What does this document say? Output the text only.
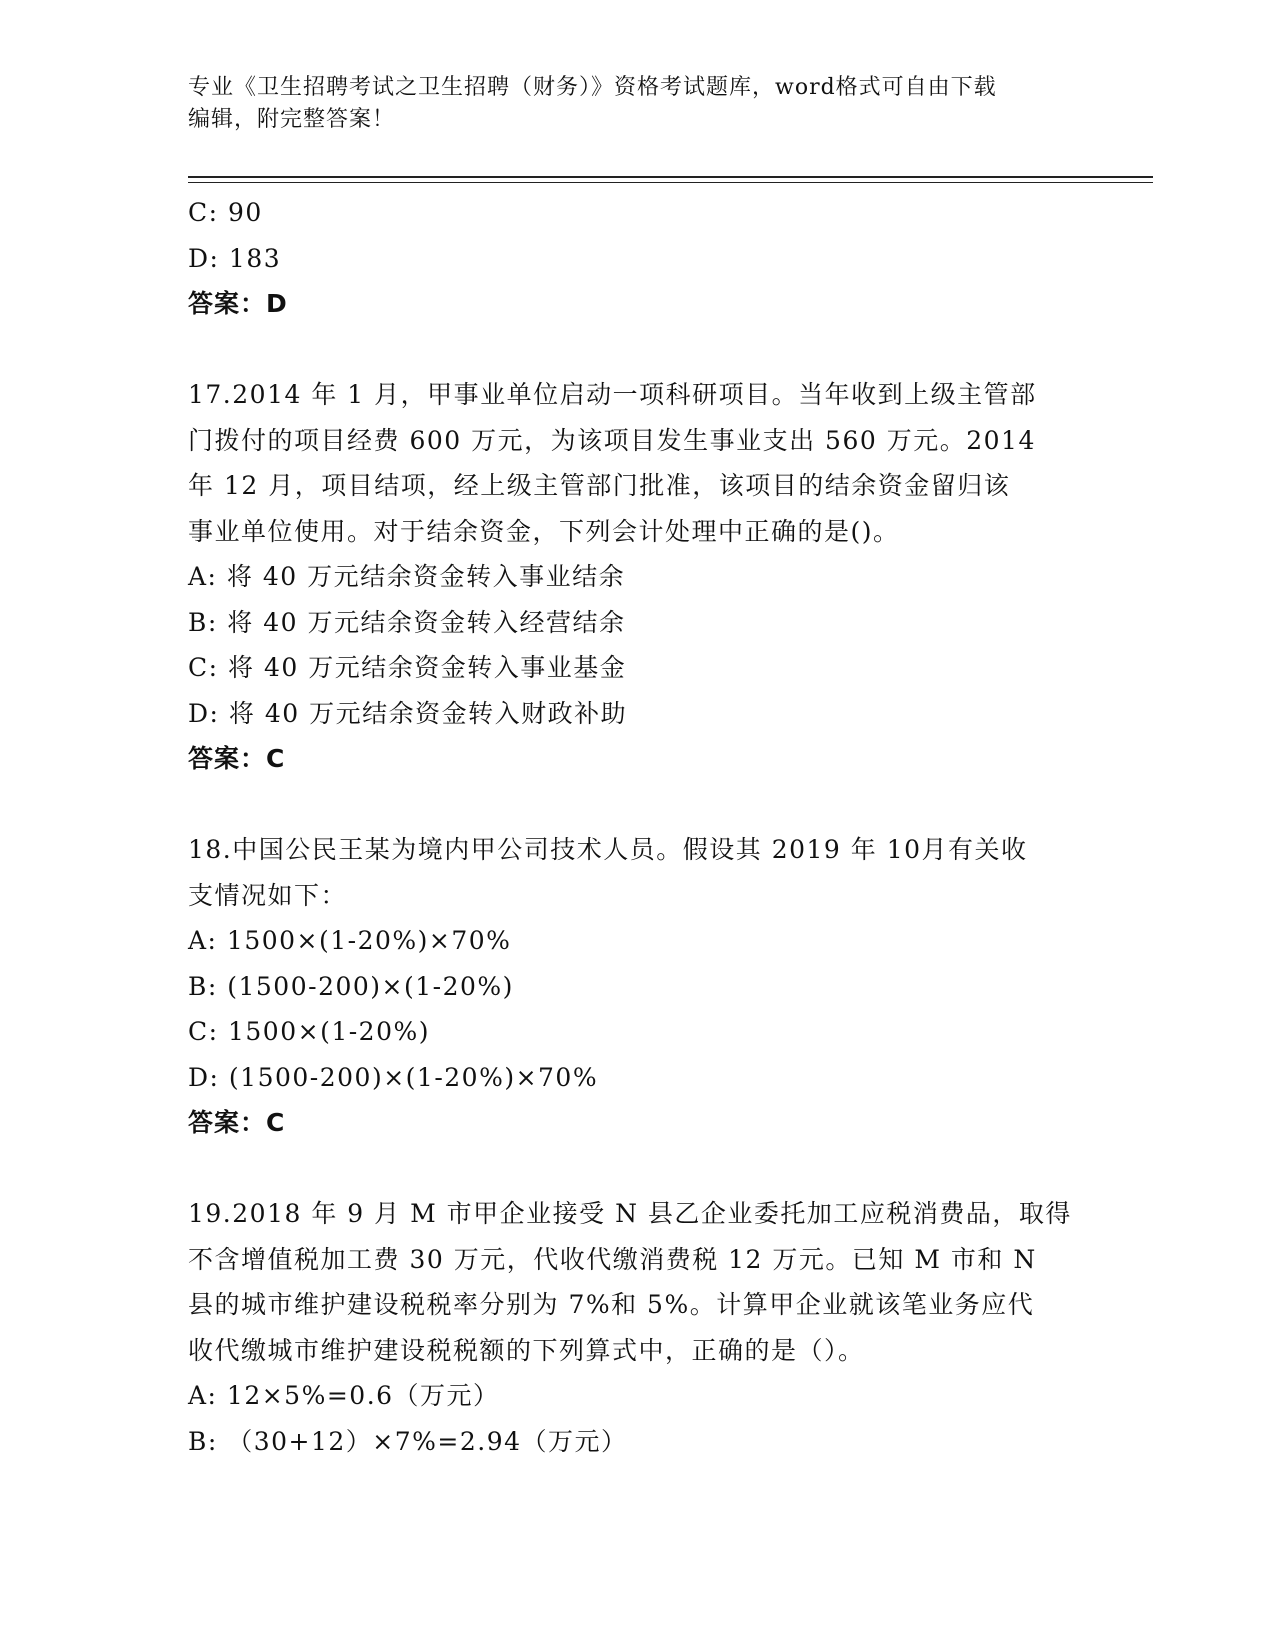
专业《卫生招聘考试之卫生招聘（财务）》资格考试题库，word格式可自由下载
编辑，附完整答案！
C: 90
D: 183
答案：D
17.2014 年 1 月，甲事业单位启动一项科研项目。当年收到上级主管部
门拨付的项目经费 600 万元，为该项目发生事业支出 560 万元。2014
年 12 月，项目结项，经上级主管部门批准，该项目的结余资金留归该
事业单位使用。对于结余资金，下列会计处理中正确的是()。
A: 将 40 万元结余资金转入事业结余
B: 将 40 万元结余资金转入经营结余
C: 将 40 万元结余资金转入事业基金
D: 将 40 万元结余资金转入财政补助
答案：C
18.中国公民王某为境内甲公司技术人员。假设其 2019 年 10月有关收
支情况如下：
A: 1500×(1-20%)×70%
B: (1500-200)×(1-20%)
C: 1500×(1-20%)
D: (1500-200)×(1-20%)×70%
答案：C
19.2018 年 9 月 M 市甲企业接受 N 县乙企业委托加工应税消费品，取得
不含增值税加工费 30 万元，代收代缴消费税 12 万元。已知 M 市和 N
县的城市维护建设税税率分别为 7%和 5%。计算甲企业就该笔业务应代
收代缴城市维护建设税税额的下列算式中，正确的是（）。
A: 12×5%=0.6（万元）
B: （30+12）×7%=2.94（万元）
